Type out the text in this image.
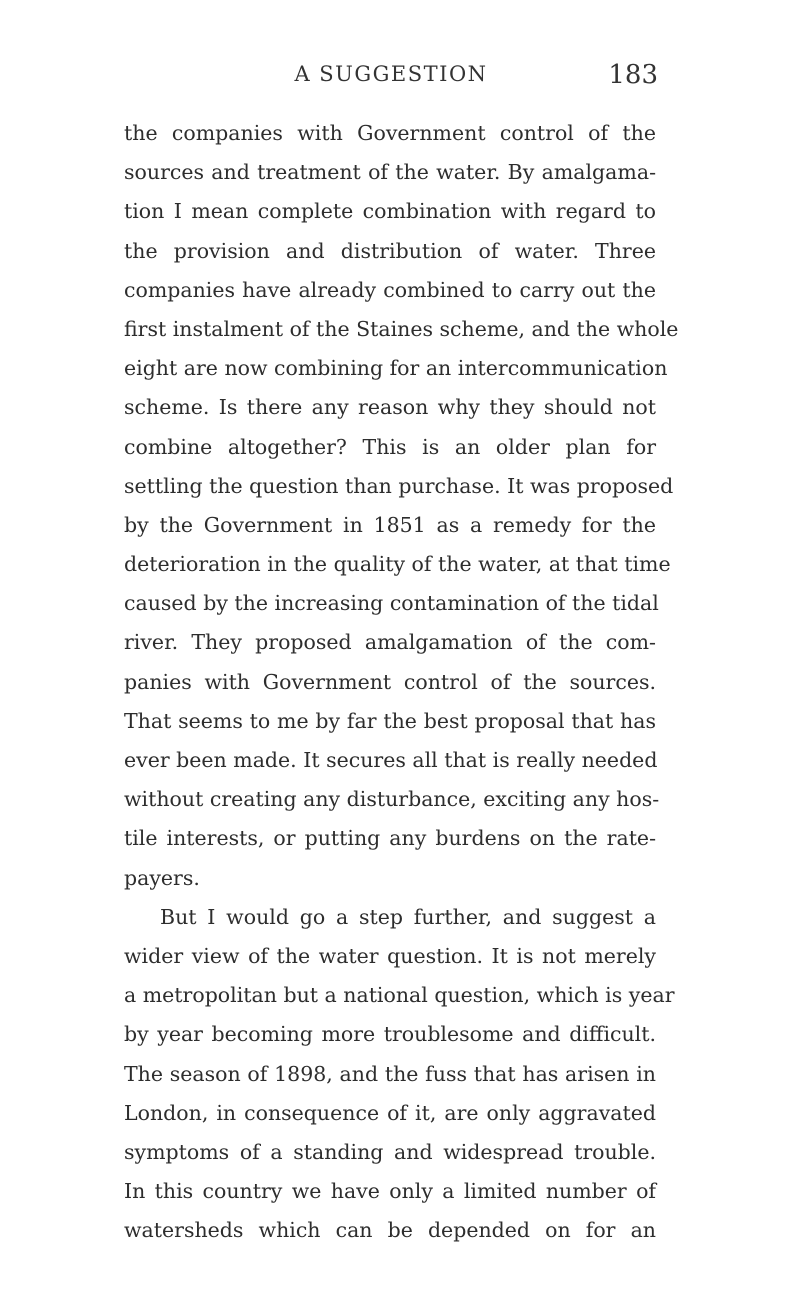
A SUGGESTION	183
the companies with Government control of the
sources and treatment of the water. By amalgama-
tion I mean complete combination with regard to
the provision and distribution of water. Three
companies have already combined to carry out the
first instalment of the Staines scheme, and the whole
eight are now combining for an intercommunication
scheme. Is there any reason why they should not
combine altogether? This is an older plan for
settling the question than purchase. It was proposed
by the Government in 1851 as a remedy for the
deterioration in the quality of the water, at that time
caused by the increasing contamination of the tidal
river. They proposed amalgamation of the com-
panies with Government control of the sources.
That seems to me by far the best proposal that has
ever been made. It secures all that is really needed
without creating any disturbance, exciting any hos-
tile interests, or putting any burdens on the rate-
payers.
But I would go a step further, and suggest a
wider view of the water question. It is not merely
a metropolitan but a national question, which is year
by year becoming more troublesome and difficult.
The season of 1898, and the fuss that has arisen in
London, in consequence of it, are only aggravated
symptoms of a standing and widespread trouble.
In this country we have only a limited number of
watersheds which can be depended on for an
